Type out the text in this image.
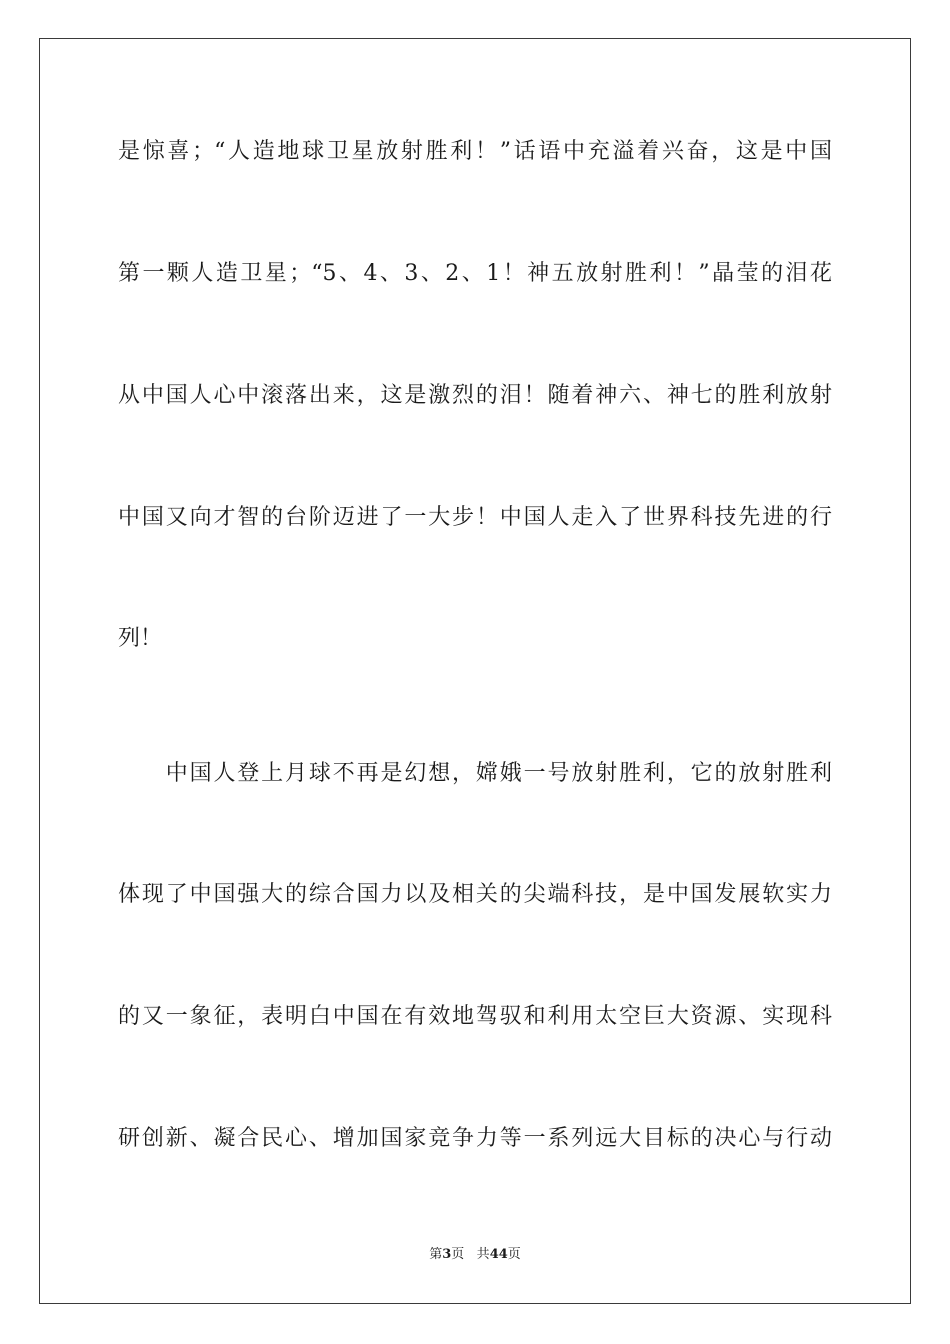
是惊喜；“人造地球卫星放射胜利！”话语中充溢着兴奋，这是中国
第一颗人造卫星；“5、4、3、2、1！神五放射胜利！”晶莹的泪花
从中国人心中滚落出来，这是激烈的泪！随着神六、神七的胜利放射
中国又向才智的台阶迈进了一大步！中国人走入了世界科技先进的行
列！
　　中国人登上月球不再是幻想，嫦娥一号放射胜利，它的放射胜利
体现了中国强大的综合国力以及相关的尖端科技，是中国发展软实力
的又一象征，表明白中国在有效地驾驭和利用太空巨大资源、实现科
研创新、凝合民心、增加国家竞争力等一系列远大目标的决心与行动
第3页 共44页
